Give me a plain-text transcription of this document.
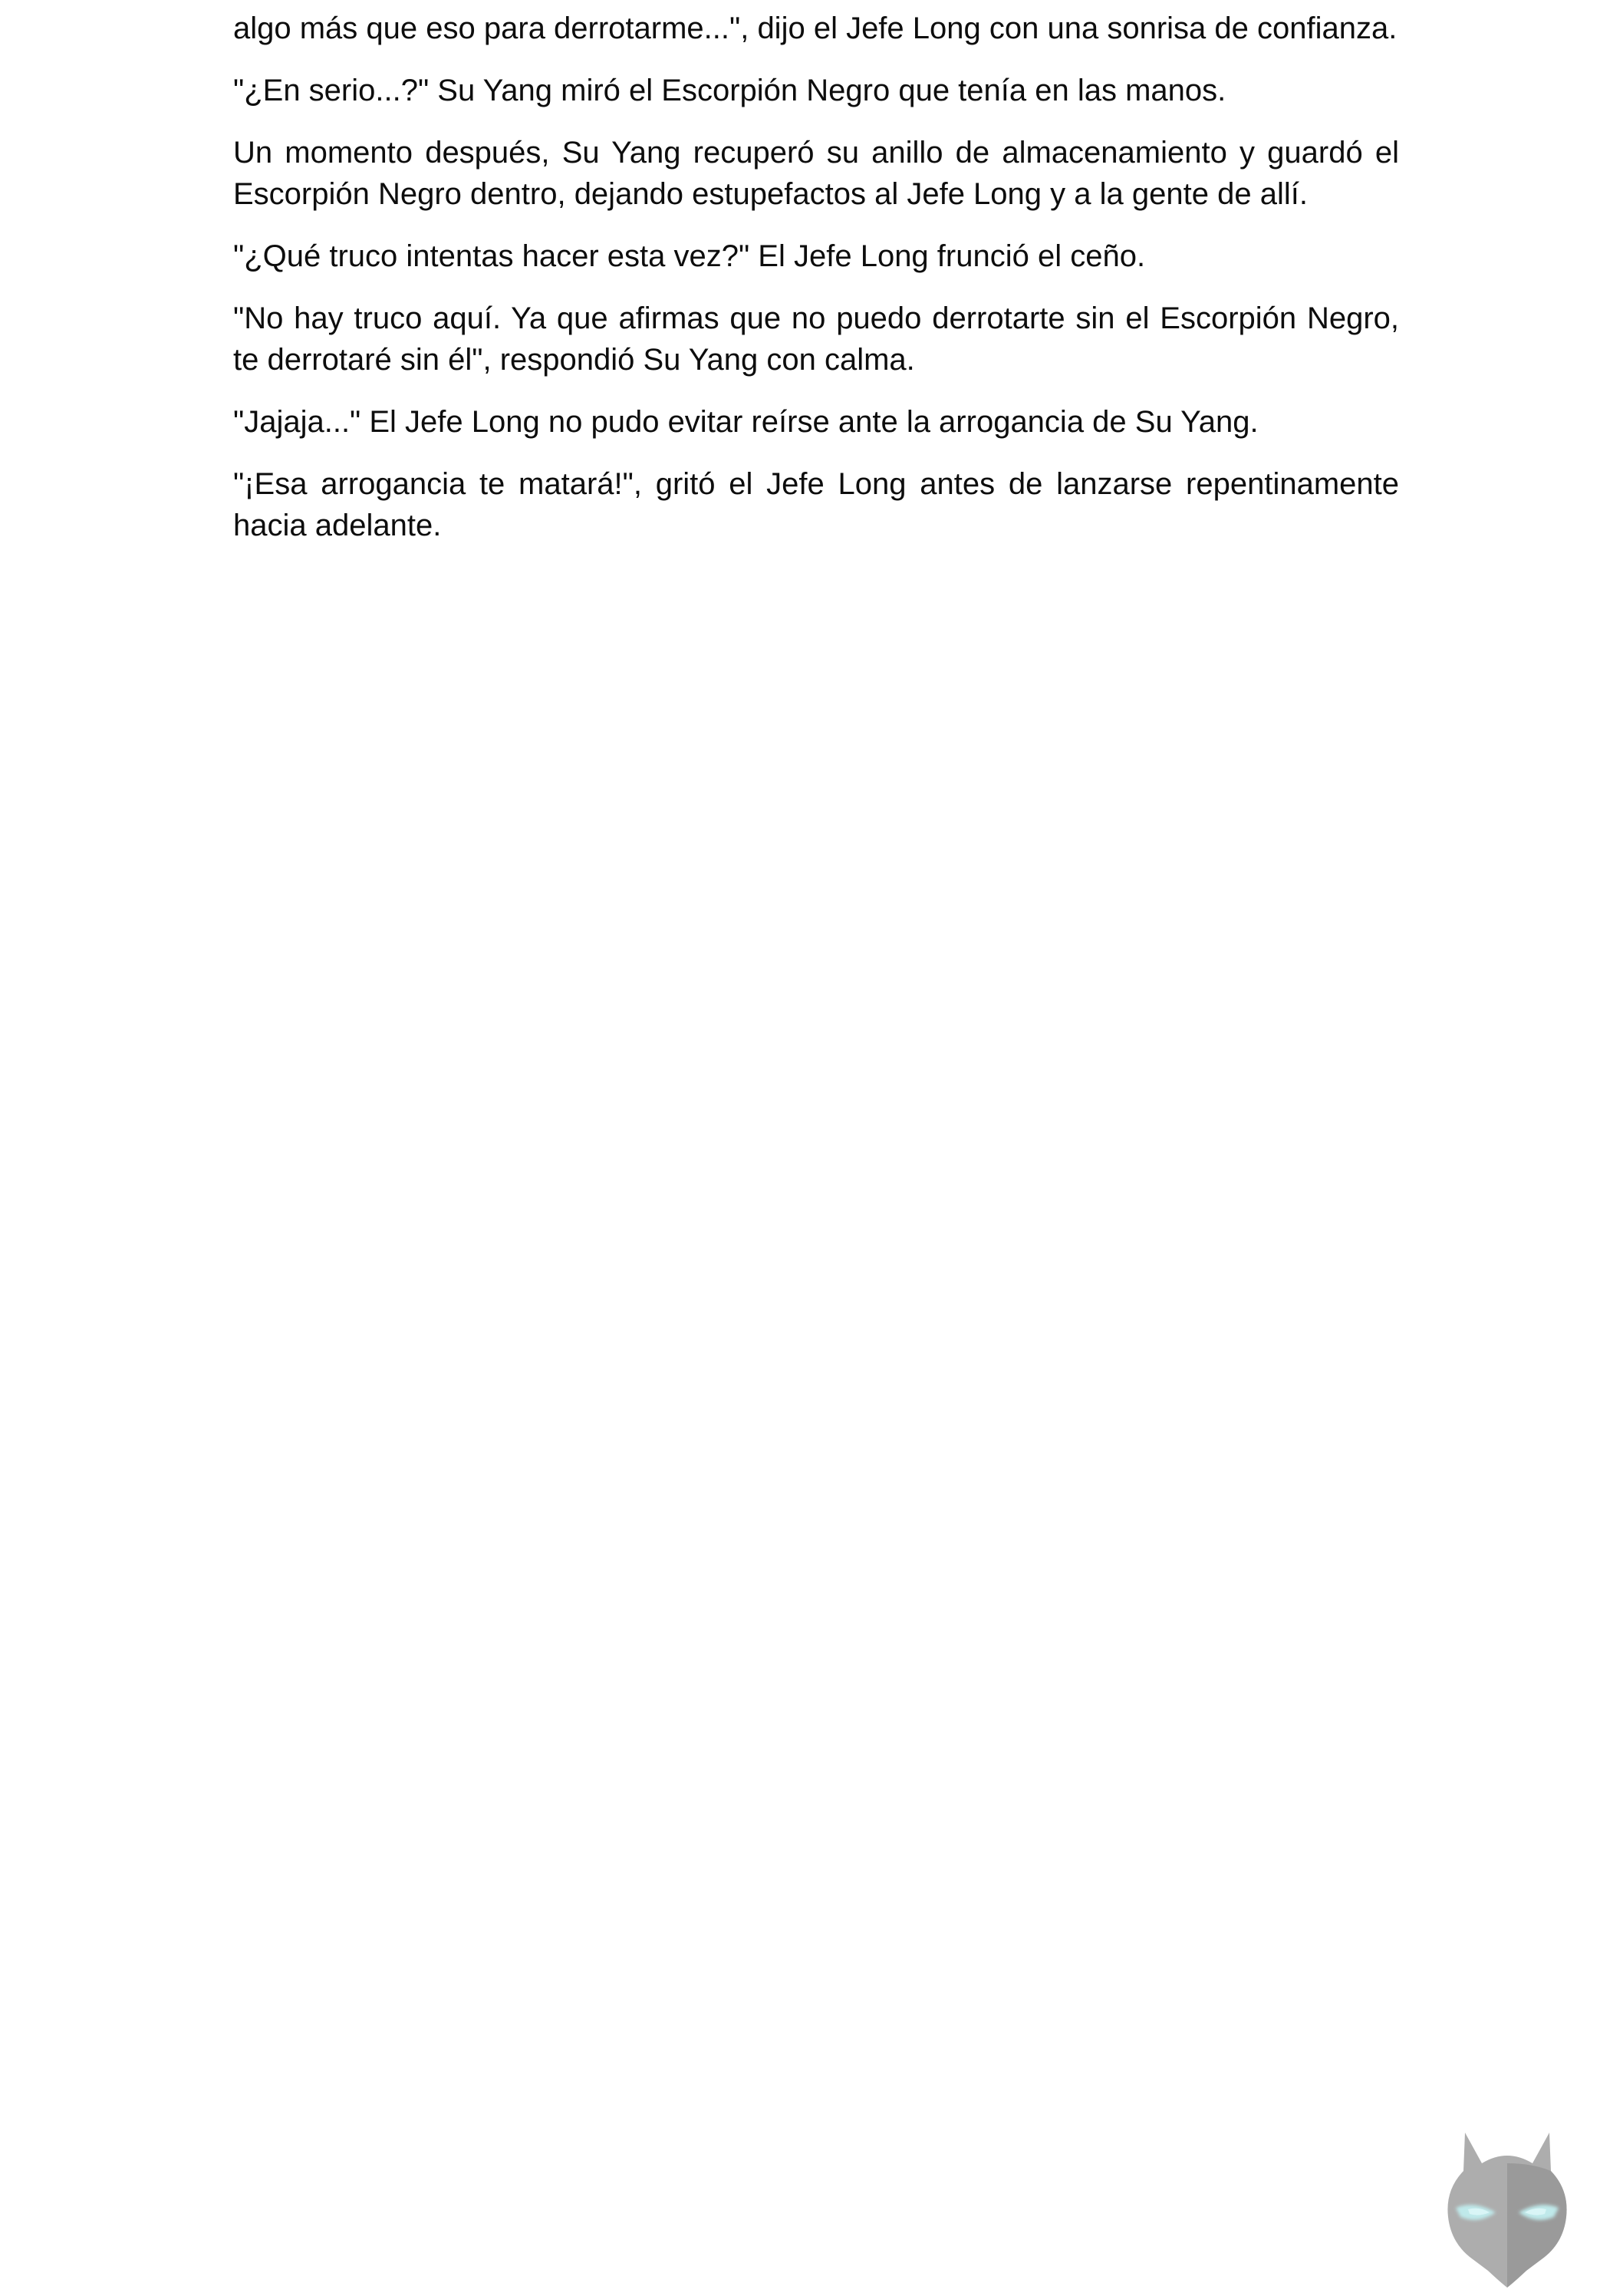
algo más que eso para derrotarme...", dijo el Jefe Long con una sonrisa de confianza.

"¿En serio...?" Su Yang miró el Escorpión Negro que tenía en las manos.

Un momento después, Su Yang recuperó su anillo de almacenamiento y guardó el Escorpión Negro dentro, dejando estupefactos al Jefe Long y a la gente de allí.

"¿Qué truco intentas hacer esta vez?" El Jefe Long frunció el ceño.

"No hay truco aquí. Ya que afirmas que no puedo derrotarte sin el Escorpión Negro, te derrotaré sin él", respondió Su Yang con calma.

"Jajaja..." El Jefe Long no pudo evitar reírse ante la arrogancia de Su Yang.

"¡Esa arrogancia te matará!", gritó el Jefe Long antes de lanzarse repentinamente hacia adelante.
